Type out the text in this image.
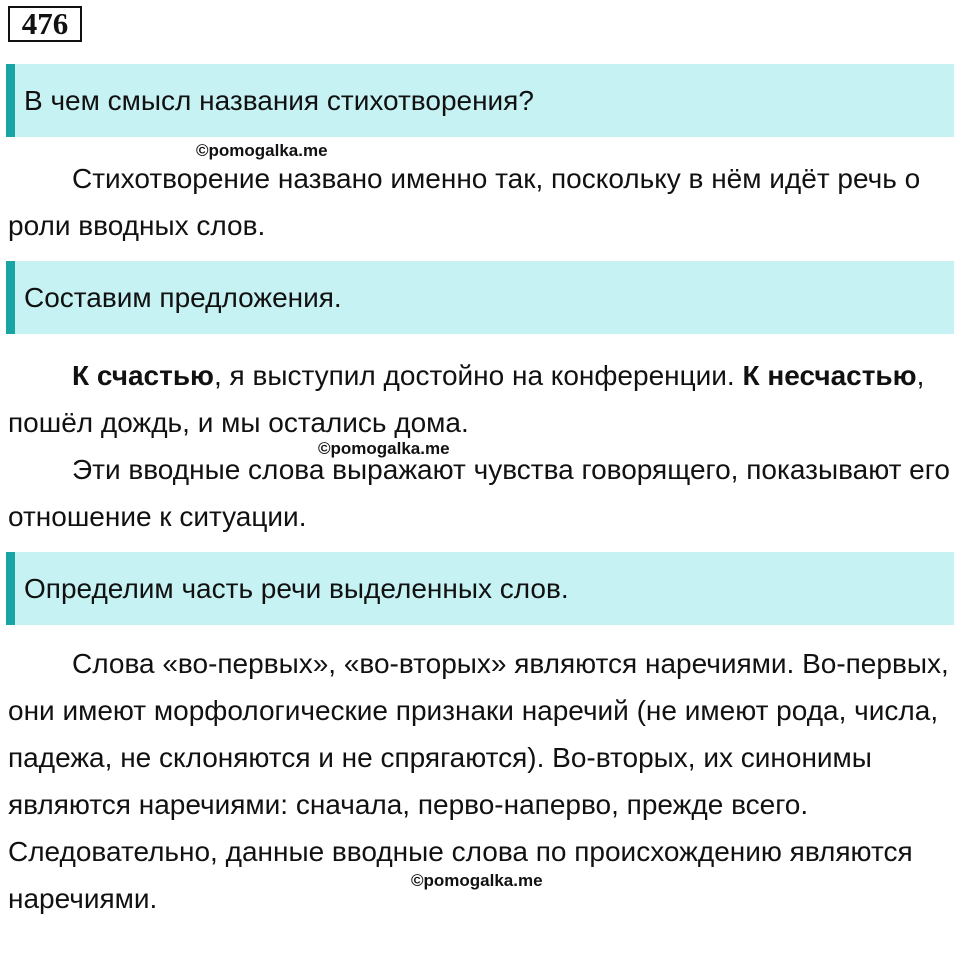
476
В чем смысл названия стихотворения?
©pomogalka.me

Стихотворение названо именно так, поскольку в нём идёт речь о роли вводных слов.

Составим предложения.

К счастью, я выступил достойно на конференции. К несчастью, пошёл дождь, и мы остались дома.

©pomogalka.me

Эти вводные слова выражают чувства говорящего, показывают его отношение к ситуации.

Определим часть речи выделенных слов.

Слова «во-первых», «во-вторых» являются наречиями. Во-первых, они имеют морфологические признаки наречий (не имеют рода, числа, падежа, не склоняются и не спрягаются). Во-вторых, их синонимы являются наречиями: сначала, перво-наперво, прежде всего. Следовательно, данные вводные слова по происхождению являются наречиями.

©pomogalka.me
